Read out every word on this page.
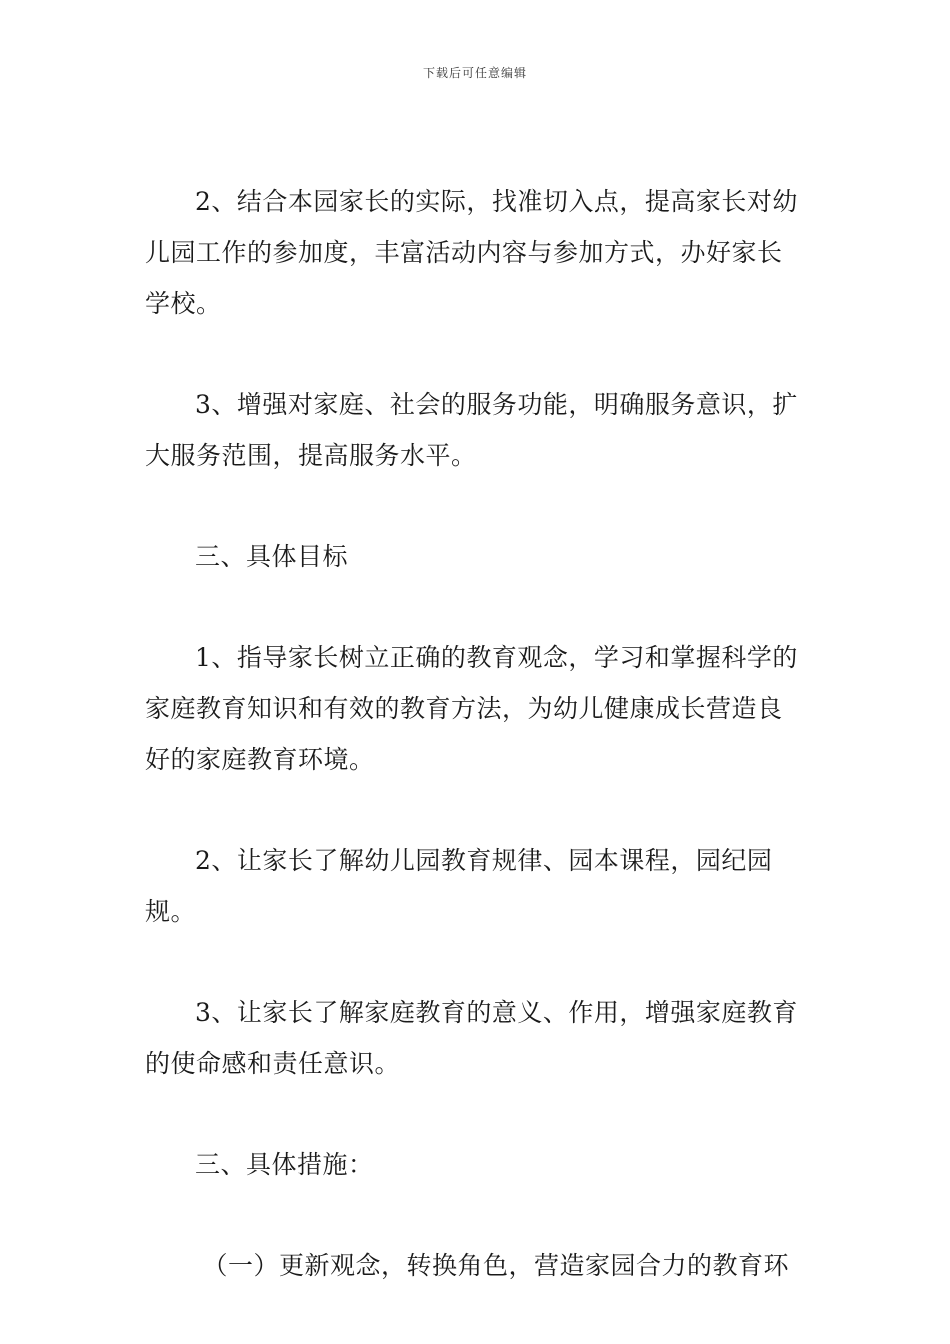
下载后可任意编辑

2、结合本园家长的实际，找准切入点，提高家长对幼儿园工作的参加度，丰富活动内容与参加方式，办好家长学校。

3、增强对家庭、社会的服务功能，明确服务意识，扩大服务范围，提高服务水平。

三、具体目标

1、指导家长树立正确的教育观念，学习和掌握科学的家庭教育知识和有效的教育方法，为幼儿健康成长营造良好的家庭教育环境。

2、让家长了解幼儿园教育规律、园本课程，园纪园规。

3、让家长了解家庭教育的意义、作用，增强家庭教育的使命感和责任意识。

三、具体措施：

（一）更新观念，转换角色，营造家园合力的教育环
